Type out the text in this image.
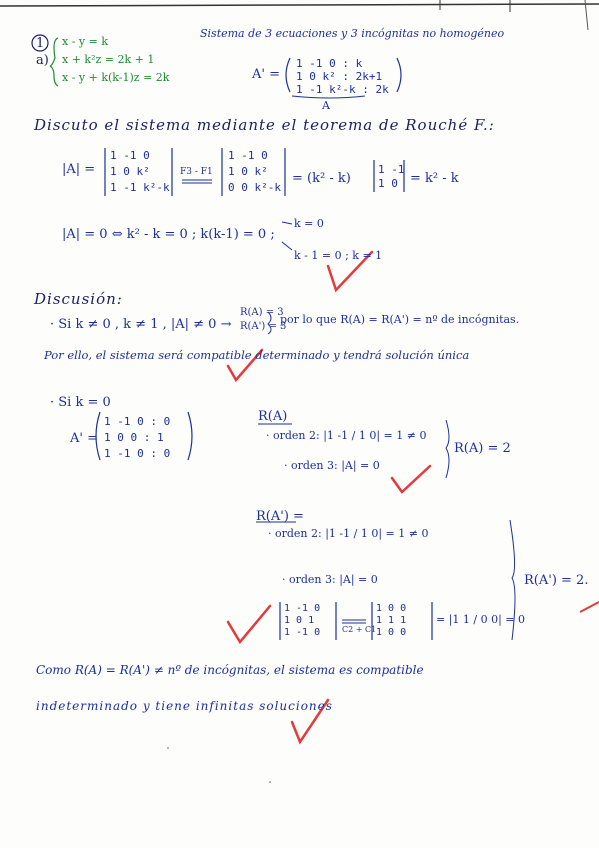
1
a)
x - y = k
x + k²z = 2k + 1
x - y + k(k-1)z = 2k
Sistema de 3 ecuaciones y 3 incógnitas no homogéneo
A' =
1 -1 0 : k
1 0 k² : 2k+1
1 -1 k²-k : 2k
A
Discuto el sistema mediante el teorema de Rouché F.:
|A| =
1 -1 0
1 0 k²
1 -1 k²-k
F3 - F1
1 -1 0
1 0 k²
0 0 k²-k
= (k² - k)
1 -1
1 0 = k² - k
|A| = 0 ⇔ k² - k = 0 ; k(k-1) = 0 ;
k = 0
k - 1 = 0 ; k = 1
Discusión:
· Si k ≠ 0 , k ≠ 1 , |A| ≠ 0 →
R(A) = 3
R(A') = 3
por lo que R(A) = R(A') = nº de incógnitas.
Por ello, el sistema será compatible determinado y tendrá solución única
· Si k = 0
A' =
1 -1 0 : 0
1 0 0 : 1
1 -1 0 : 0
R(A)
· orden 2: |1 -1 / 1 0| = 1 ≠ 0
· orden 3: |A| = 0
R(A) = 2
R(A') =
· orden 2: |1 -1 / 1 0| = 1 ≠ 0
· orden 3: |A| = 0	R(A') = 2.
1 -1 0
1 0 1
1 -1 0	C2 + C1
1 0 0
1 1 1
1 0 0
= |1 1 / 0 0| = 0
Como R(A) = R(A') ≠ nº de incógnitas, el sistema es compatible
indeterminado y tiene infinitas soluciones
